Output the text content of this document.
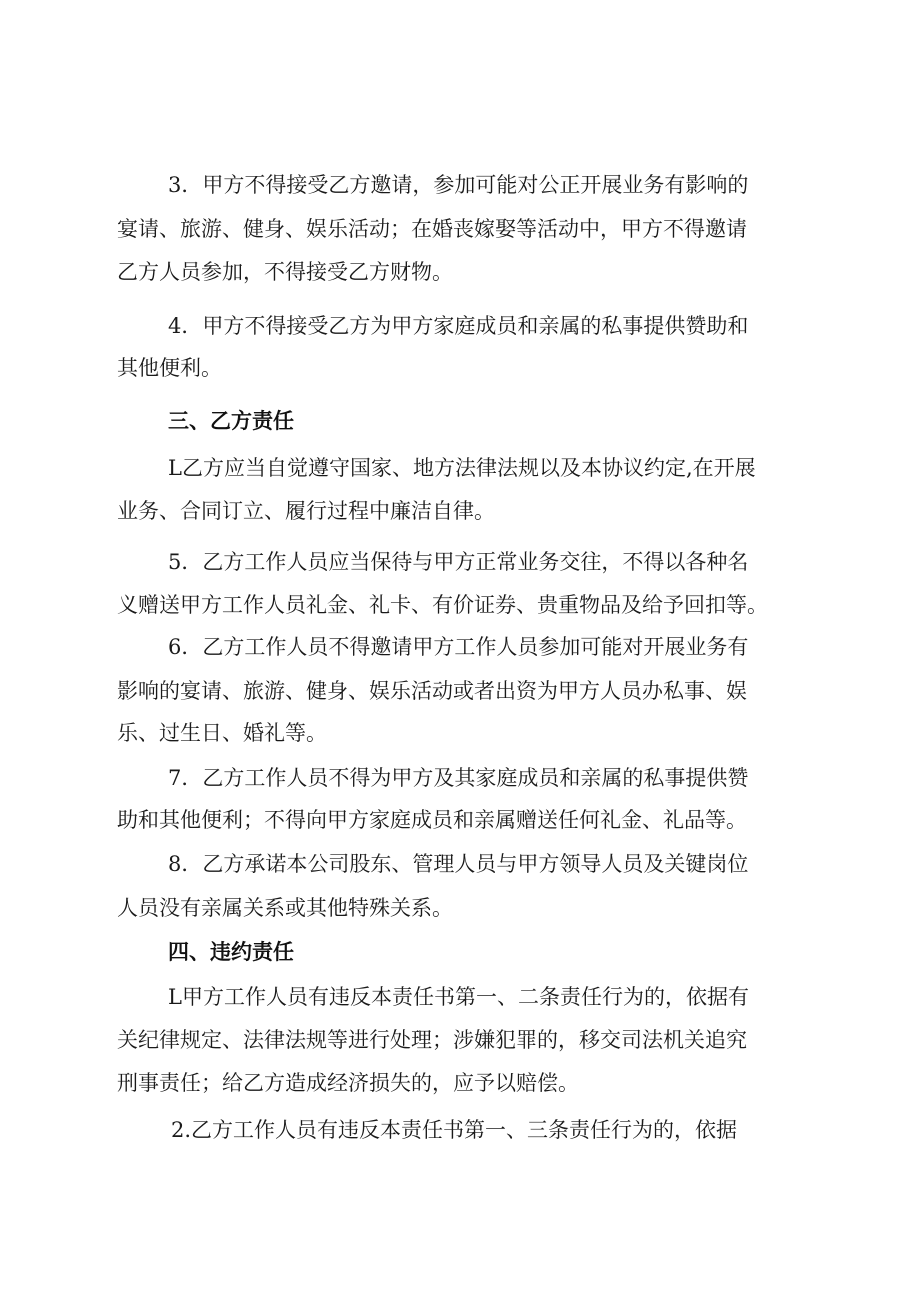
3．甲方不得接受乙方邀请，参加可能对公正开展业务有影响的

宴请、旅游、健身、娱乐活动；在婚丧嫁娶等活动中，甲方不得邀请

乙方人员参加，不得接受乙方财物。

4．甲方不得接受乙方为甲方家庭成员和亲属的私事提供赞助和

其他便利。

三、乙方责任

L乙方应当自觉遵守国家、地方法律法规以及本协议约定,在开展

业务、合同订立、履行过程中廉洁自律。

5．乙方工作人员应当保待与甲方正常业务交往，不得以各种名

义赠送甲方工作人员礼金、礼卡、有价证券、贵重物品及给予回扣等。

6．乙方工作人员不得邀请甲方工作人员参加可能对开展业务有

影响的宴请、旅游、健身、娱乐活动或者出资为甲方人员办私事、娱

乐、过生日、婚礼等。

7．乙方工作人员不得为甲方及其家庭成员和亲属的私事提供赞

助和其他便利；不得向甲方家庭成员和亲属赠送任何礼金、礼品等。

8．乙方承诺本公司股东、管理人员与甲方领导人员及关键岗位

人员没有亲属关系或其他特殊关系。

四、违约责任

L甲方工作人员有违反本责任书第一、二条责任行为的，依据有

关纪律规定、法律法规等进行处理；涉嫌犯罪的，移交司法机关追究

刑事责任；给乙方造成经济损失的，应予以赔偿。

2.乙方工作人员有违反本责任书第一、三条责任行为的，依据
